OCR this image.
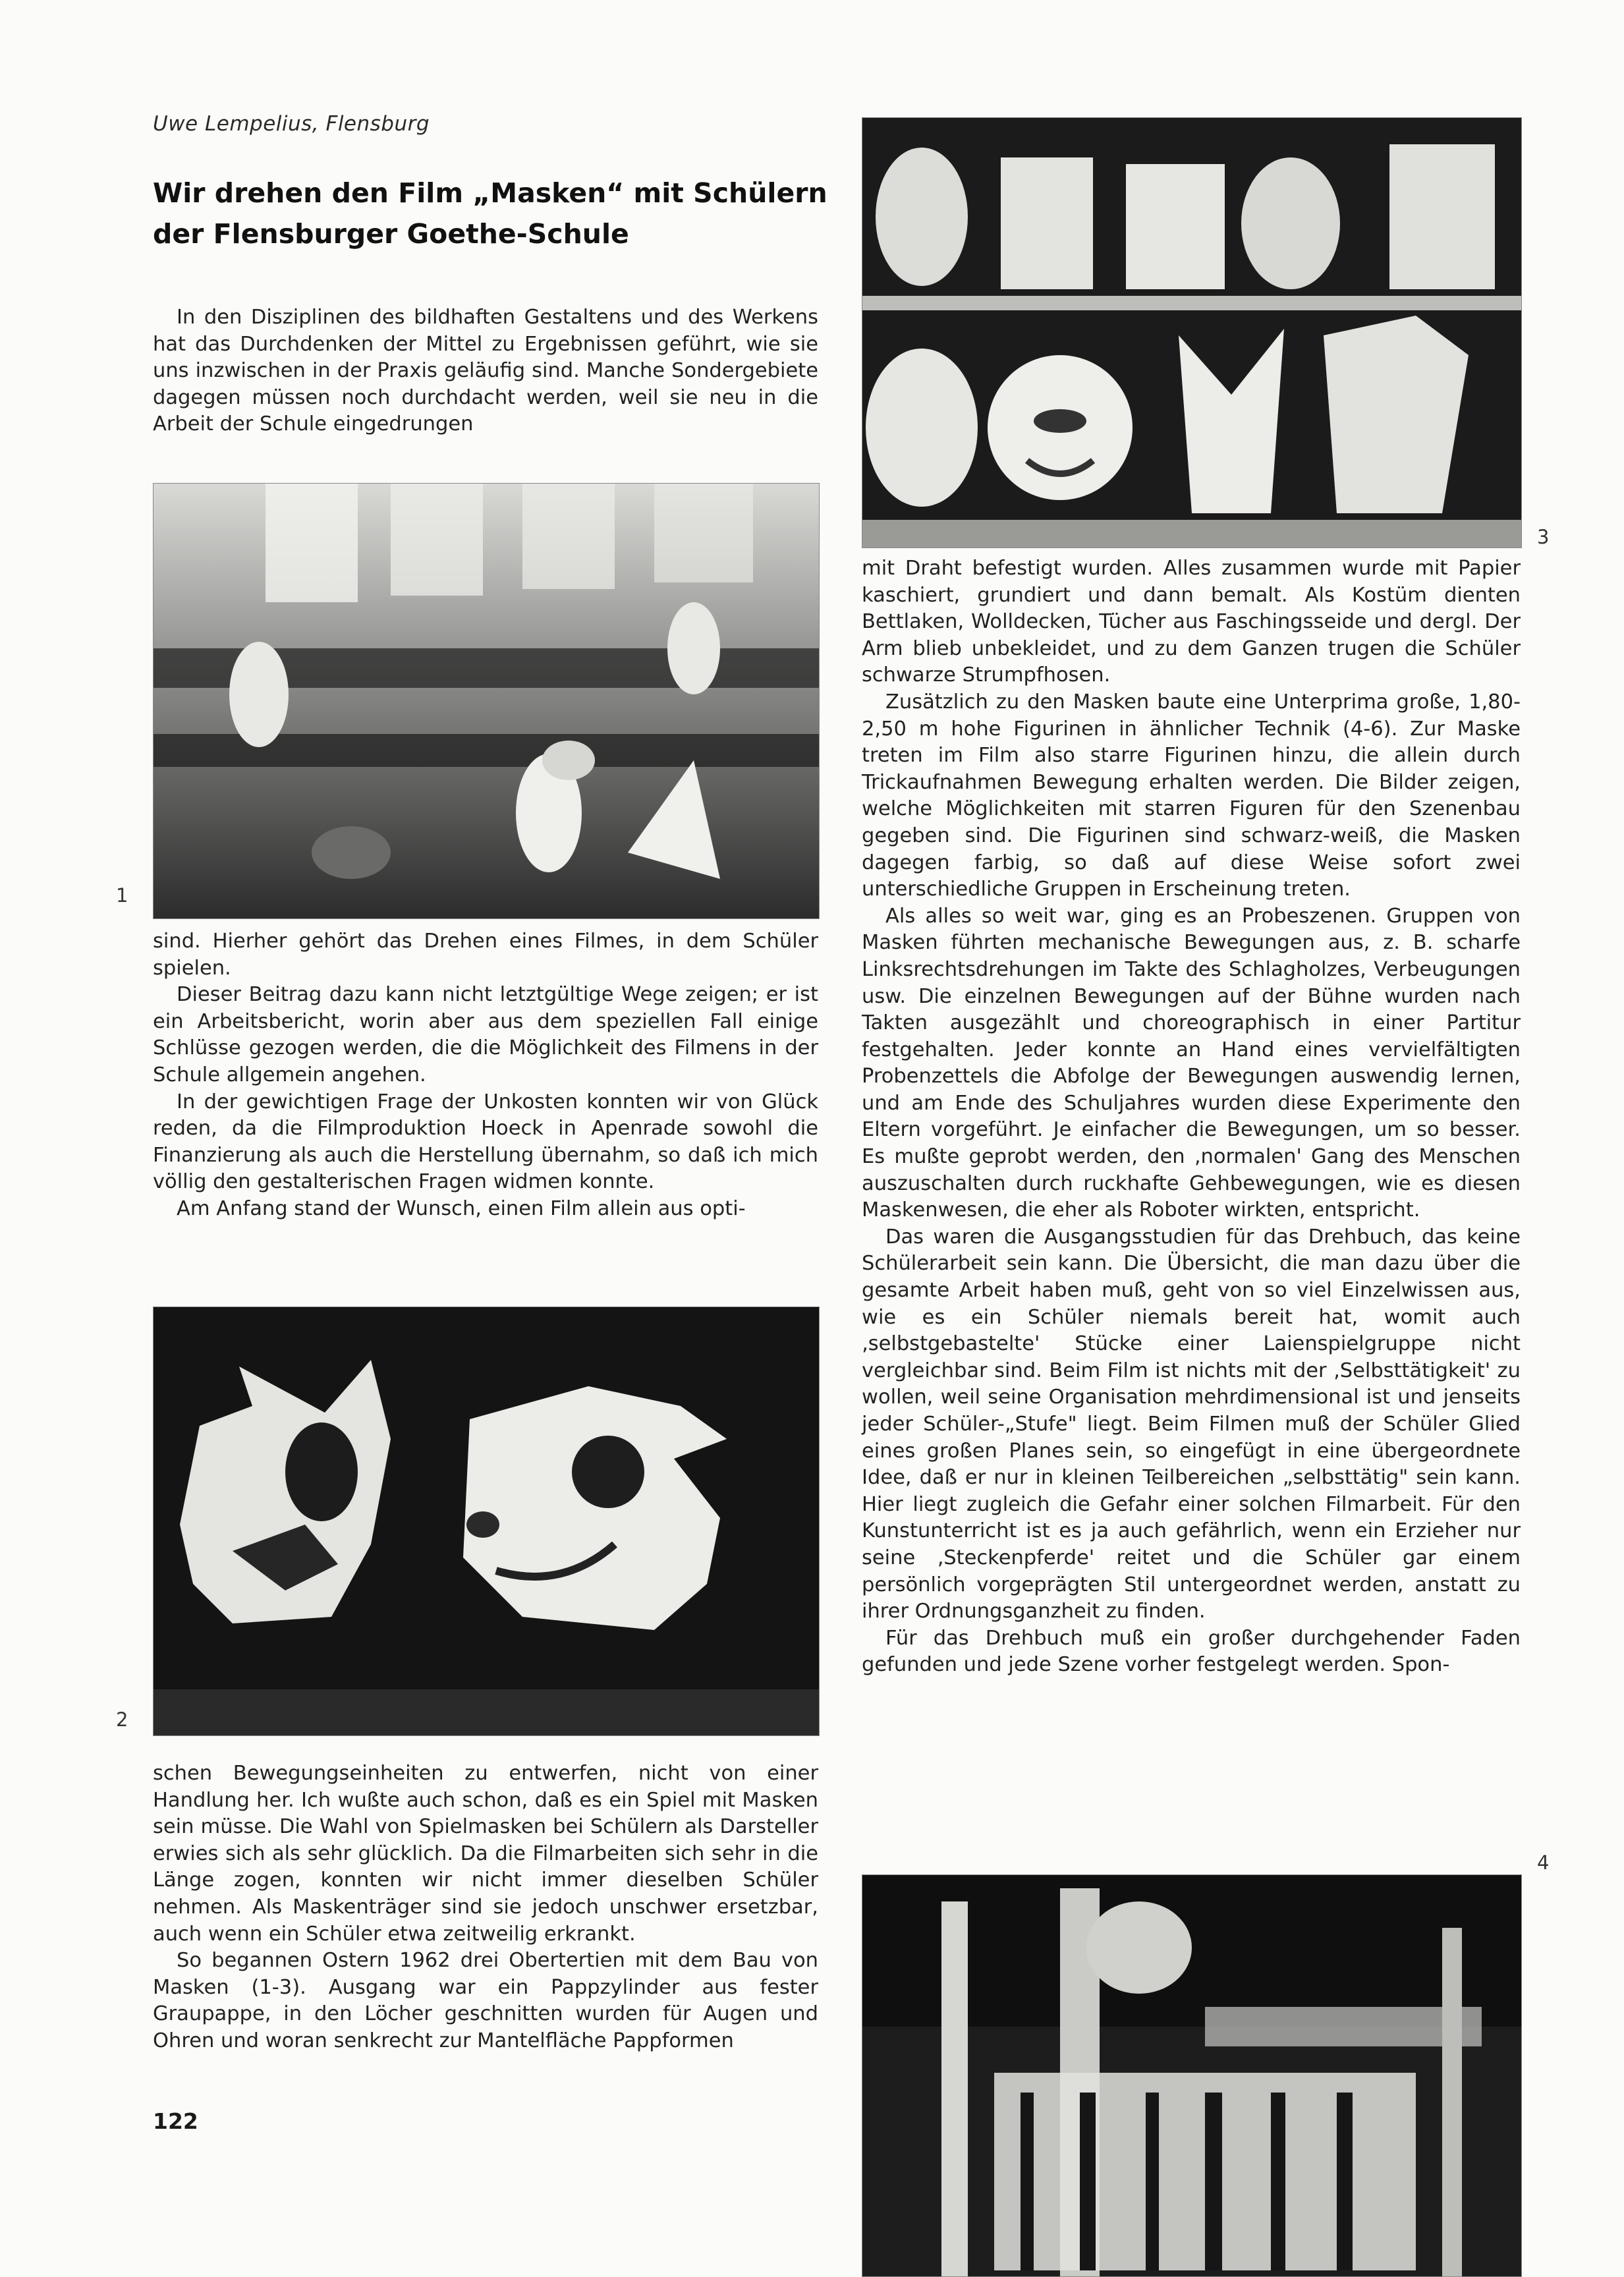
Uwe Lempelius, Flensburg
Wir drehen den Film „Masken“ mit Schülern der Flensburger Goethe-Schule

In den Disziplinen des bildhaften Gestaltens und des Werkens hat das Durchdenken der Mittel zu Ergebnissen geführt, wie sie uns inzwischen in der Praxis geläufig sind. Manche Sondergebiete dagegen müssen noch durchdacht werden, weil sie neu in die Arbeit der Schule eingedrungen

1

sind. Hierher gehört das Drehen eines Filmes, in dem Schüler spielen.

Dieser Beitrag dazu kann nicht letztgültige Wege zeigen; er ist ein Arbeitsbericht, worin aber aus dem speziellen Fall einige Schlüsse gezogen werden, die die Möglichkeit des Filmens in der Schule allgemein angehen.

In der gewichtigen Frage der Unkosten konnten wir von Glück reden, da die Filmproduktion Hoeck in Apenrade sowohl die Finanzierung als auch die Herstellung übernahm, so daß ich mich völlig den gestalterischen Fragen widmen konnte.

Am Anfang stand der Wunsch, einen Film allein aus opti-

2

schen Bewegungseinheiten zu entwerfen, nicht von einer Handlung her. Ich wußte auch schon, daß es ein Spiel mit Masken sein müsse. Die Wahl von Spielmasken bei Schülern als Darsteller erwies sich als sehr glücklich. Da die Filmarbeiten sich sehr in die Länge zogen, konnten wir nicht immer dieselben Schüler nehmen. Als Maskenträger sind sie jedoch unschwer ersetzbar, auch wenn ein Schüler etwa zeitweilig erkrankt.

So begannen Ostern 1962 drei Obertertien mit dem Bau von Masken (1-3). Ausgang war ein Pappzylinder aus fester Graupappe, in den Löcher geschnitten wurden für Augen und Ohren und woran senkrecht zur Mantelfläche Pappformen

3

mit Draht befestigt wurden. Alles zusammen wurde mit Papier kaschiert, grundiert und dann bemalt. Als Kostüm dienten Bettlaken, Wolldecken, Tücher aus Faschingsseide und dergl. Der Arm blieb unbekleidet, und zu dem Ganzen trugen die Schüler schwarze Strumpfhosen.

Zusätzlich zu den Masken baute eine Unterprima große, 1,80-2,50 m hohe Figurinen in ähnlicher Technik (4-6). Zur Maske treten im Film also starre Figurinen hinzu, die allein durch Trickaufnahmen Bewegung erhalten werden. Die Bilder zeigen, welche Möglichkeiten mit starren Figuren für den Szenenbau gegeben sind. Die Figurinen sind schwarz-weiß, die Masken dagegen farbig, so daß auf diese Weise sofort zwei unterschiedliche Gruppen in Erscheinung treten.

Als alles so weit war, ging es an Probeszenen. Gruppen von Masken führten mechanische Bewegungen aus, z. B. scharfe Linksrechtsdrehungen im Takte des Schlagholzes, Verbeugungen usw. Die einzelnen Bewegungen auf der Bühne wurden nach Takten ausgezählt und choreographisch in einer Partitur festgehalten. Jeder konnte an Hand eines vervielfältigten Probenzettels die Abfolge der Bewegungen auswendig lernen, und am Ende des Schuljahres wurden diese Experimente den Eltern vorgeführt. Je einfacher die Bewegungen, um so besser. Es mußte geprobt werden, den ‚normalen' Gang des Menschen auszuschalten durch ruckhafte Gehbewegungen, wie es diesen Maskenwesen, die eher als Roboter wirkten, entspricht.

Das waren die Ausgangsstudien für das Drehbuch, das keine Schülerarbeit sein kann. Die Übersicht, die man dazu über die gesamte Arbeit haben muß, geht von so viel Einzelwissen aus, wie es ein Schüler niemals bereit hat, womit auch ‚selbstgebastelte' Stücke einer Laienspielgruppe nicht vergleichbar sind. Beim Film ist nichts mit der ‚Selbsttätigkeit' zu wollen, weil seine Organisation mehrdimensional ist und jenseits jeder Schüler-„Stufe" liegt. Beim Filmen muß der Schüler Glied eines großen Planes sein, so eingefügt in eine übergeordnete Idee, daß er nur in kleinen Teilbereichen „selbsttätig" sein kann. Hier liegt zugleich die Gefahr einer solchen Filmarbeit. Für den Kunstunterricht ist es ja auch gefährlich, wenn ein Erzieher nur seine ‚Steckenpferde' reitet und die Schüler gar einem persönlich vorgeprägten Stil untergeordnet werden, anstatt zu ihrer Ordnungsganzheit zu finden.

Für das Drehbuch muß ein großer durchgehender Faden gefunden und jede Szene vorher festgelegt werden. Spon-

4
122
